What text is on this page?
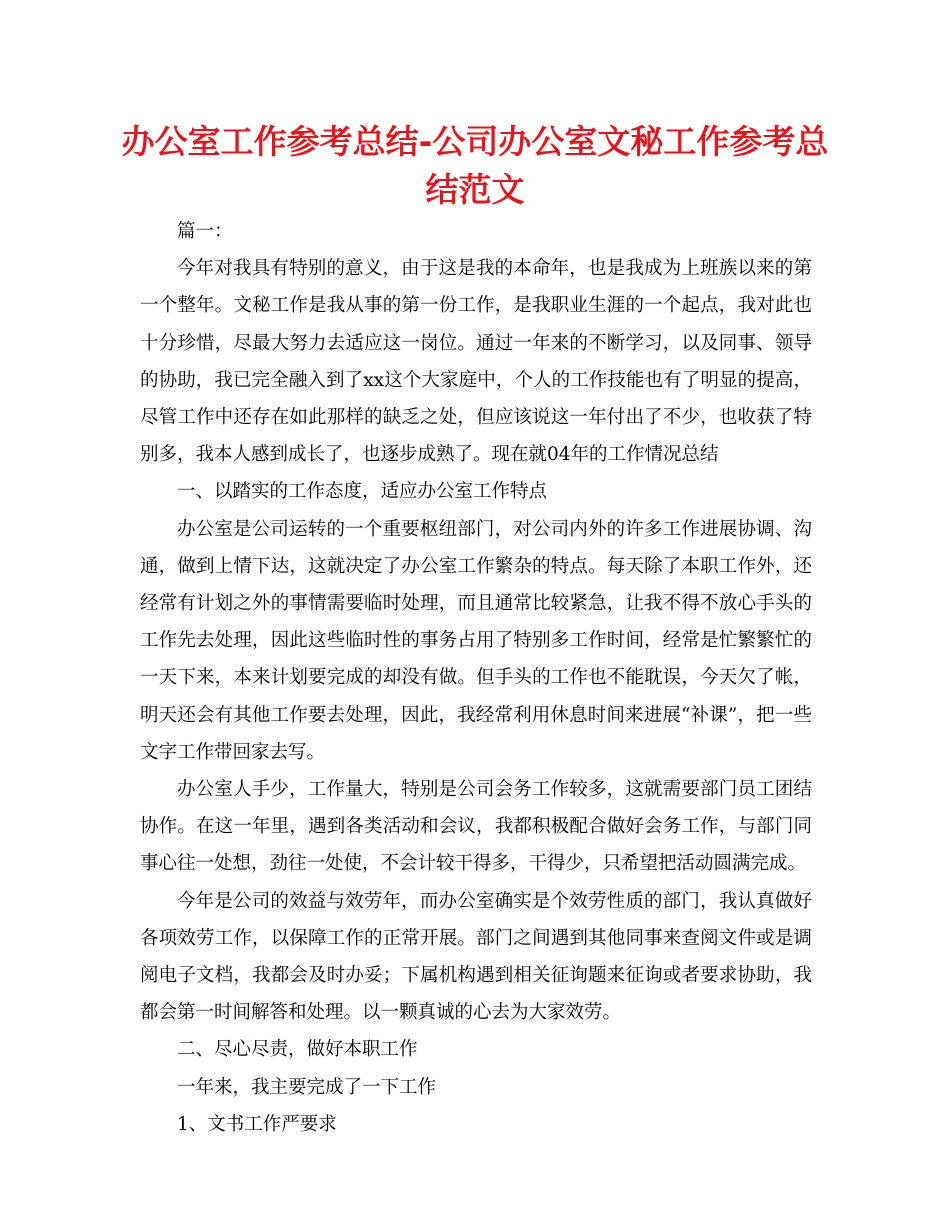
办公室工作参考总结-公司办公室文秘工作参考总结范文

篇一：

今年对我具有特别的意义，由于这是我的本命年，也是我成为上班族以来的第一个整年。文秘工作是我从事的第一份工作，是我职业生涯的一个起点，我对此也十分珍惜，尽最大努力去适应这一岗位。通过一年来的不断学习，以及同事、领导的协助，我已完全融入到了xx这个大家庭中，个人的工作技能也有了明显的提高，尽管工作中还存在如此那样的缺乏之处，但应该说这一年付出了不少，也收获了特别多，我本人感到成长了，也逐步成熟了。现在就04年的工作情况总结

一、以踏实的工作态度，适应办公室工作特点

办公室是公司运转的一个重要枢纽部门，对公司内外的许多工作进展协调、沟通，做到上情下达，这就决定了办公室工作繁杂的特点。每天除了本职工作外，还经常有计划之外的事情需要临时处理，而且通常比较紧急，让我不得不放心手头的工作先去处理，因此这些临时性的事务占用了特别多工作时间，经常是忙繁繁忙的一天下来，本来计划要完成的却没有做。但手头的工作也不能耽误，今天欠了帐，明天还会有其他工作要去处理，因此，我经常利用休息时间来进展“补课”，把一些文字工作带回家去写。

办公室人手少，工作量大，特别是公司会务工作较多，这就需要部门员工团结协作。在这一年里，遇到各类活动和会议，我都积极配合做好会务工作，与部门同事心往一处想，劲往一处使，不会计较干得多，干得少，只希望把活动圆满完成。

今年是公司的效益与效劳年，而办公室确实是个效劳性质的部门，我认真做好各项效劳工作，以保障工作的正常开展。部门之间遇到其他同事来查阅文件或是调阅电子文档，我都会及时办妥；下属机构遇到相关征询题来征询或者要求协助，我都会第一时间解答和处理。以一颗真诚的心去为大家效劳。

二、尽心尽责，做好本职工作

一年来，我主要完成了一下工作

1、文书工作严要求
